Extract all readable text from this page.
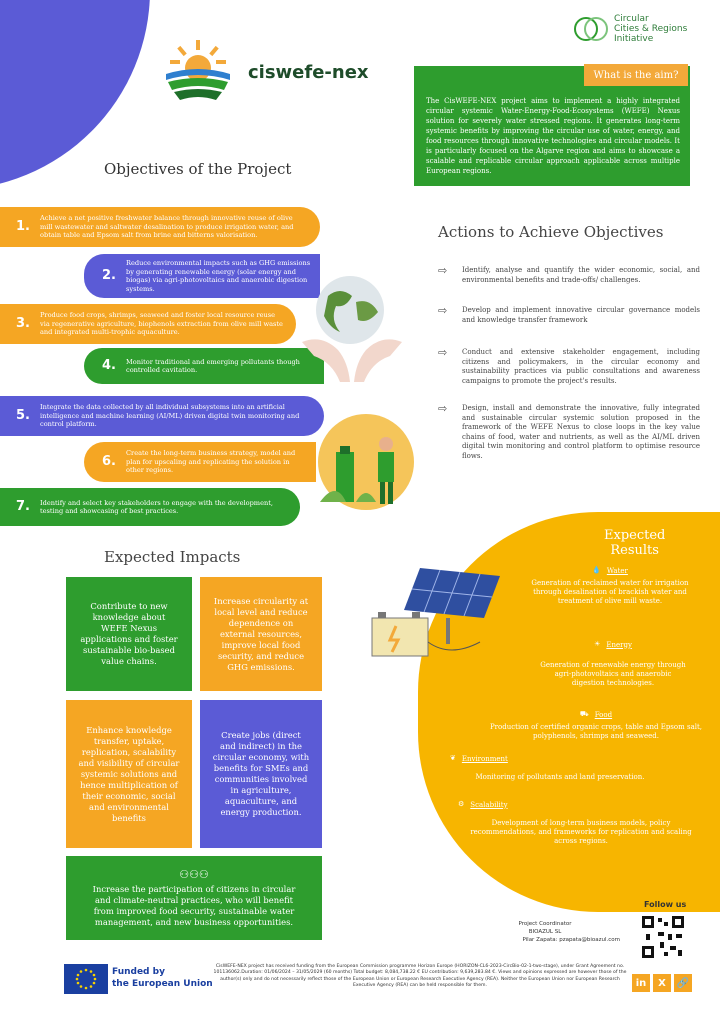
ciswefe-nex
Circular
Cities & Regions
Initiative
The CisWEFE-NEX project aims to implement a highly integrated circular systemic Water-Energy-Food-Ecosystems (WEFE) Nexus solution for severely water stressed regions. It generates long-term systemic benefits by improving the circular use of water, energy, and food resources through innovative technologies and circular models. It is particularly focused on the Algarve region and aims to showcase a scalable and replicable circular approach applicable across multiple European regions.
What is the aim?
Objectives of the Project
1.
Achieve a net positive freshwater balance through innovative reuse of olive mill wastewater and saltwater desalination to produce irrigation water, and obtain table and Epsom salt from brine and bitterns valorisation.
2.
Reduce environmental impacts such as GHG emissions by generating renewable energy (solar energy and biogas) via agri-photovoltaics and anaerobic digestion systems.
3.
Produce food crops, shrimps, seaweed and foster local resource reuse via regenerative agriculture, biophenols extraction from olive mill waste and integrated multi-trophic aquaculture.
4.	Monitor traditional and emerging pollutants though controlled cavitation.
5.
Integrate the data collected by all individual subsystems into an artificial intelligence and machine learning (AI/ML) driven digital twin monitoring and control platform.
6.
Create the long-term business strategy, model and plan for upscaling and replicating the solution in other regions.
7.	Identify and select key stakeholders to engage with the development, testing and showcasing of best practices.
Actions to Achieve Objectives
⇨	Identify, analyse and quantify the wider economic, social, and environmental benefits and trade-offs/ challenges.
⇨	Develop and implement innovative circular governance models and knowledge transfer framework
⇨	Conduct and extensive stakeholder engagement, including citizens and policymakers, in the circular economy and sustainability practices via public consultations and awareness campaigns to promote the project's results.
⇨	Design, install and demonstrate the innovative, fully integrated and sustainable circular systemic solution proposed in the framework of the WEFE Nexus to close loops in the key value chains of food, water and nutrients, as well as the AI/ML driven digital twin monitoring and control platform to optimise resource flows.
Expected
Results
💧 Water
Generation of reclaimed water for irrigation through desalination of brackish water and treatment of olive mill waste.
☀ Energy
Generation of renewable energy through agri-photovoltaics and anaerobic digestion technologies.
⛟ Food
Production of certified organic crops, table and Epsom salt, polyphenols, shrimps and seaweed.
❦ Environment
Monitoring of pollutants and land preservation.
⚙ Scalability
Development of long-term business models, policy recommendations, and frameworks for replication and scaling across regions.
Expected Impacts
Contribute to new knowledge about WEFE Nexus applications and foster sustainable bio-based value chains.
Increase circularity at local level and reduce dependence on external resources, improve local food security, and reduce GHG emissions.
Enhance knowledge transfer, uptake, replication, scalability and visibility of circular systemic solutions and hence multiplication of their economic, social and environmental benefits
Create jobs (direct and indirect) in the circular economy, with benefits for SMEs and communities involved in agriculture, aquaculture, and energy production.
⚇⚇⚇
Increase the participation of citizens in circular and climate-neutral practices, who will benefit from improved food security, sustainable water management, and new business opportunities.
Follow us
in	X	🔗
Project Coordinator
BIOAZUL SL
Pilar Zapata: pzapata@bioazul.com
Funded by
the European Union
CisWEFE-NEX project has received funding from the European Commission programme Horizon Europe (HORIZON-CL6-2023-CircBio-02-1-two-stage), under Grant Agreement no. 101136062.Duration: 01/06/2024 – 31/05/2029 (60 months) Total budget: 8,084,738.22 € EU contribution: 9,639,283.84 €. Views and opinions expressed are however those of the author(s) only and do not necessarily reflect those of the European Union or European Research Executive Agency (REA). Neither the European Union nor European Research Executive Agency (REA) can be held responsible for them.
